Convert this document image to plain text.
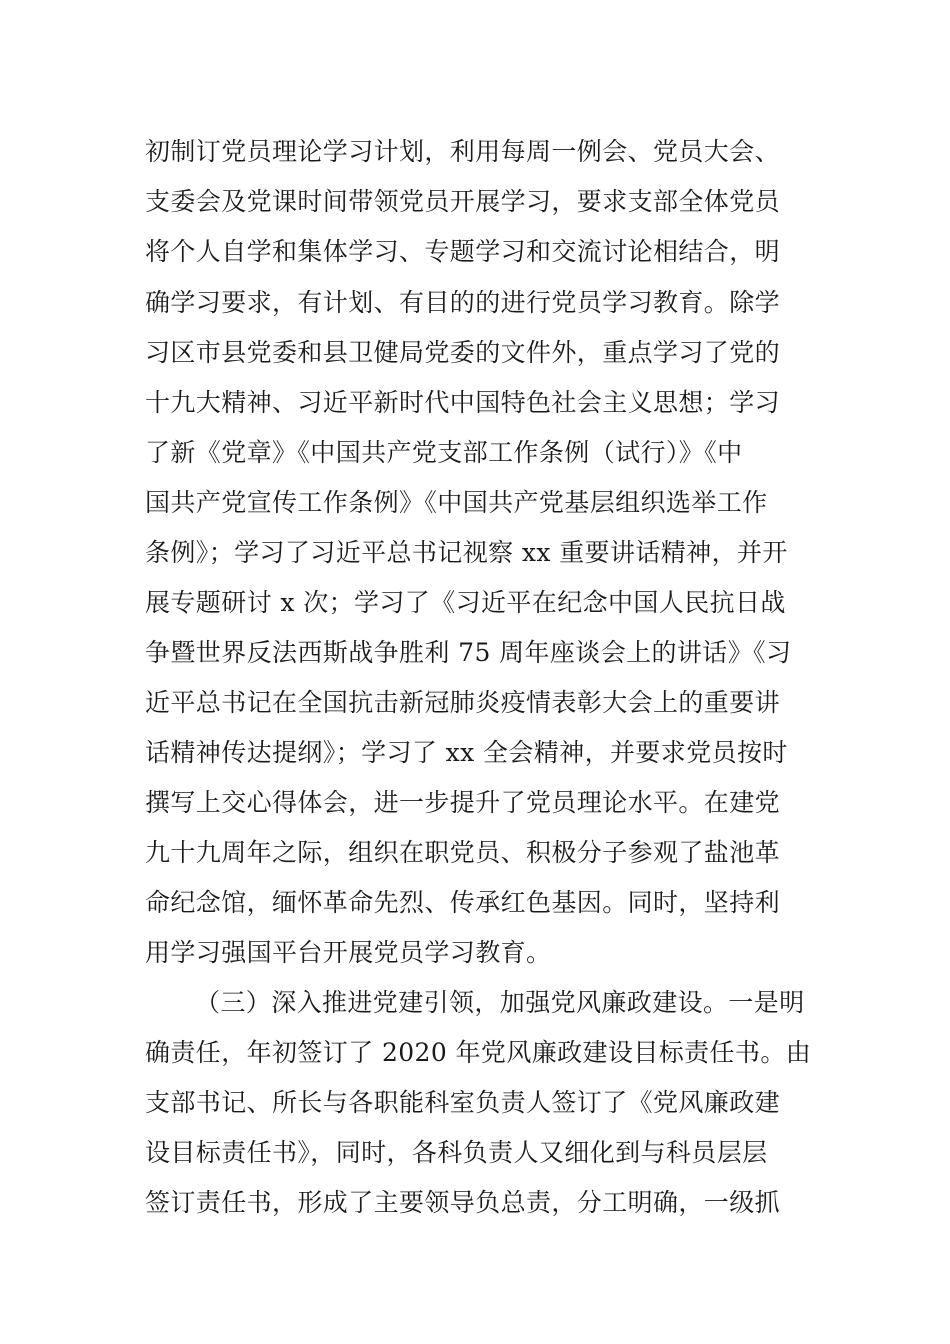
初制订党员理论学习计划，利用每周一例会、党员大会、
支委会及党课时间带领党员开展学习，要求支部全体党员
将个人自学和集体学习、专题学习和交流讨论相结合，明
确学习要求，有计划、有目的的进行党员学习教育。除学
习区市县党委和县卫健局党委的文件外，重点学习了党的
十九大精神、习近平新时代中国特色社会主义思想；学习
了新《党章》《中国共产党支部工作条例（试行）》《中
国共产党宣传工作条例》《中国共产党基层组织选举工作
条例》；学习了习近平总书记视察 xx 重要讲话精神，并开
展专题研讨 x 次；学习了《习近平在纪念中国人民抗日战
争暨世界反法西斯战争胜利 75 周年座谈会上的讲话》《习
近平总书记在全国抗击新冠肺炎疫情表彰大会上的重要讲
话精神传达提纲》；学习了 xx 全会精神，并要求党员按时
撰写上交心得体会，进一步提升了党员理论水平。在建党
九十九周年之际，组织在职党员、积极分子参观了盐池革
命纪念馆，缅怀革命先烈、传承红色基因。同时，坚持利
用学习强国平台开展党员学习教育。
（三）深入推进党建引领，加强党风廉政建设。一是明
确责任，年初签订了 2020 年党风廉政建设目标责任书。由
支部书记、所长与各职能科室负责人签订了《党风廉政建
设目标责任书》，同时，各科负责人又细化到与科员层层
签订责任书，形成了主要领导负总责，分工明确，一级抓
